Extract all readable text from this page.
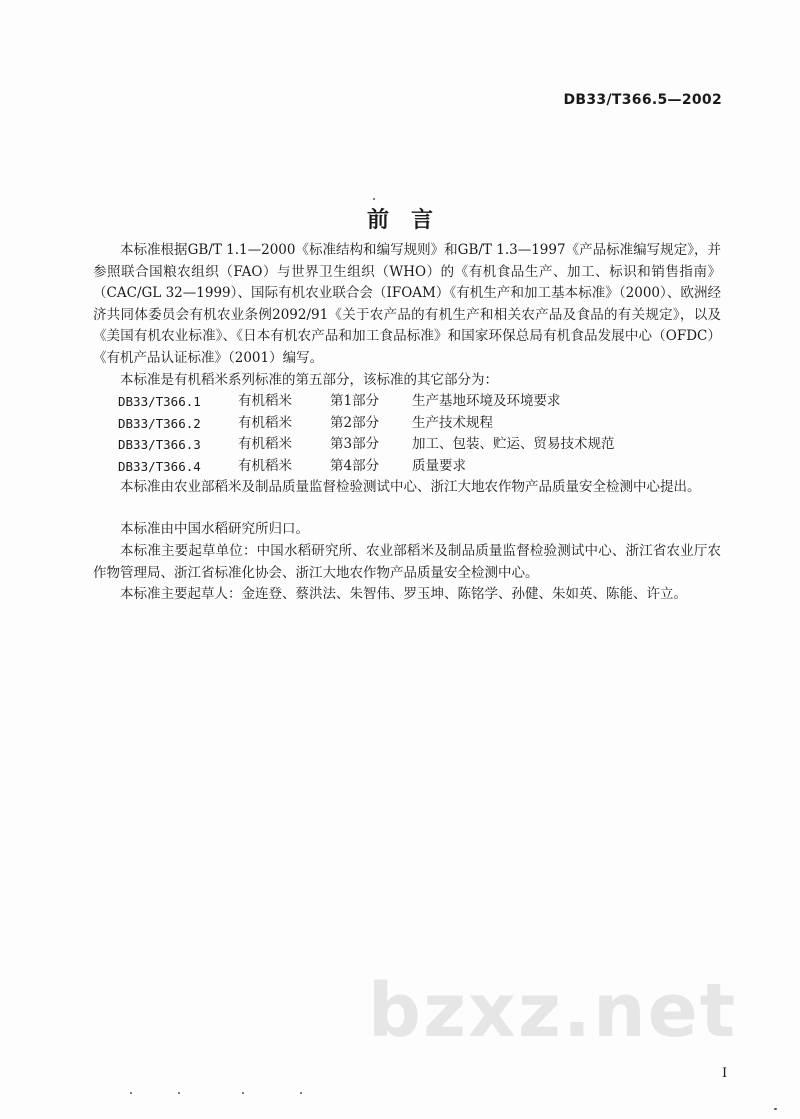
DB33/T366.5—2002
前言

本标准根据GB/T 1.1—2000《标准结构和编写规则》和GB/T 1.3—1997《产品标准编写规定》，并参照联合国粮农组织（FAO）与世界卫生组织（WHO）的《有机食品生产、加工、标识和销售指南》（CAC/GL 32—1999）、国际有机农业联合会（IFOAM）《有机生产和加工基本标准》（2000）、欧洲经济共同体委员会有机农业条例2092/91《关于农产品的有机生产和相关农产品及食品的有关规定》，以及《美国有机农业标准》、《日本有机农产品和加工食品标准》和国家环保总局有机食品发展中心（OFDC）《有机产品认证标准》（2001）编写。

本标准是有机稻米系列标准的第五部分，该标准的其它部分为：

DB33/T366.1	有机稻米	第1部分	生产基地环境及环境要求
DB33/T366.2	有机稻米	第2部分	生产技术规程
DB33/T366.3	有机稻米	第3部分	加工、包装、贮运、贸易技术规范
DB33/T366.4	有机稻米	第4部分	质量要求

本标准由农业部稻米及制品质量监督检验测试中心、浙江大地农作物产品质量安全检测中心提出。

本标准由中国水稻研究所归口。

本标准主要起草单位：中国水稻研究所、农业部稻米及制品质量监督检验测试中心、浙江省农业厅农作物管理局、浙江省标准化协会、浙江大地农作物产品质量安全检测中心。

本标准主要起草人：金连登、蔡洪法、朱智伟、罗玉坤、陈铭学、孙健、朱如英、陈能、许立。

bzxz.net
I
